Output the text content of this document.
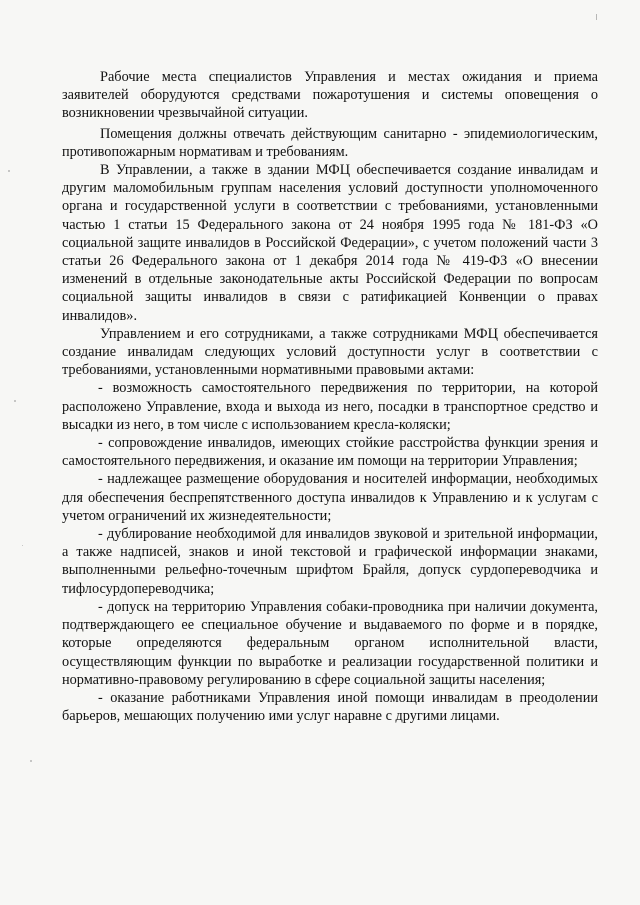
Рабочие места специалистов Управления и местах ожидания и приема заявителей оборудуются средствами пожаротушения и системы оповещения о возникновении чрезвычайной ситуации.

Помещения должны отвечать действующим санитарно - эпидемиологическим, противопожарным нормативам и требованиям.

В Управлении, а также в здании МФЦ обеспечивается создание инвалидам и другим маломобильным группам населения условий доступности уполномоченного органа и государственной услуги в соответствии с требованиями, установленными частью 1 статьи 15 Федерального закона от 24 ноября 1995 года № 181-ФЗ «О социальной защите инвалидов в Российской Федерации», с учетом положений части 3 статьи 26 Федерального закона от 1 декабря 2014 года № 419-ФЗ «О внесении изменений в отдельные законодательные акты Российской Федерации по вопросам социальной защиты инвалидов в связи с ратификацией Конвенции о правах инвалидов».

Управлением и его сотрудниками, а также сотрудниками МФЦ обеспечивается создание инвалидам следующих условий доступности услуг в соответствии с требованиями, установленными нормативными правовыми актами:

- возможность самостоятельного передвижения по территории, на которой расположено Управление, входа и выхода из него, посадки в транспортное средство и высадки из него, в том числе с использованием кресла-коляски;

- сопровождение инвалидов, имеющих стойкие расстройства функции зрения и самостоятельного передвижения, и оказание им помощи на территории Управления;

- надлежащее размещение оборудования и носителей информации, необходимых для обеспечения беспрепятственного доступа инвалидов к Управлению и к услугам с учетом ограничений их жизнедеятельности;

- дублирование необходимой для инвалидов звуковой и зрительной информации, а также надписей, знаков и иной текстовой и графической информации знаками, выполненными рельефно-точечным шрифтом Брайля, допуск сурдопереводчика и тифлосурдопереводчика;

- допуск на территорию Управления собаки-проводника при наличии документа, подтверждающего ее специальное обучение и выдаваемого по форме и в порядке, которые определяются федеральным органом исполнительной власти, осуществляющим функции по выработке и реализации государственной политики и нормативно-правовому регулированию в сфере социальной защиты населения;

- оказание работниками Управления иной помощи инвалидам в преодолении барьеров, мешающих получению ими услуг наравне с другими лицами.
